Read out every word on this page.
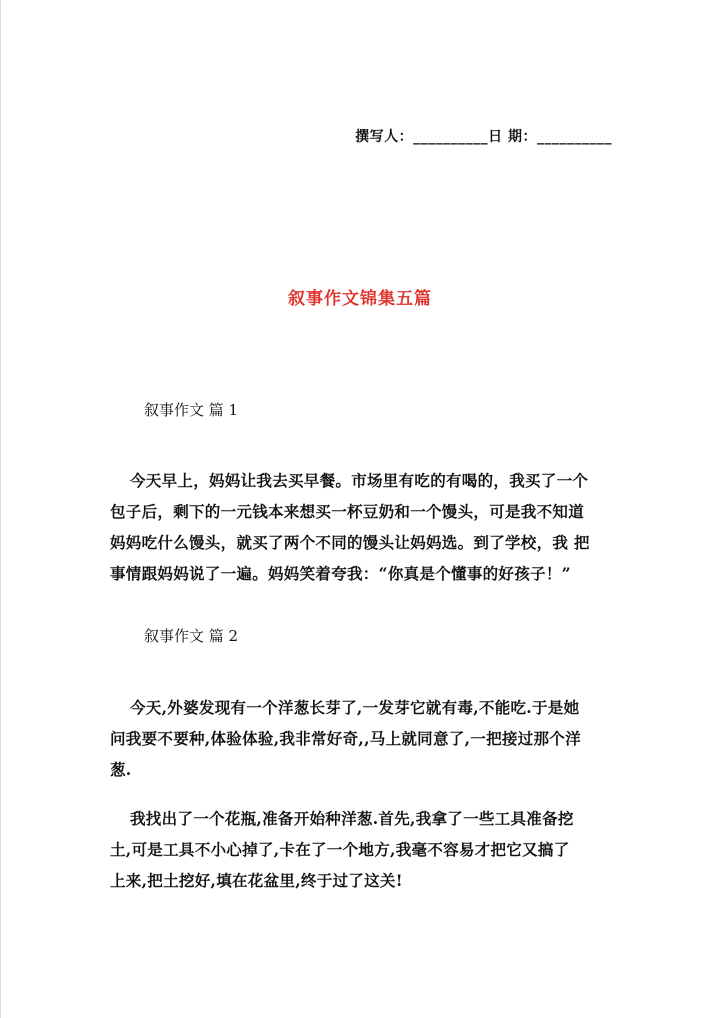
撰写人：__________日 期：__________
叙事作文锦集五篇
叙事作文 篇 1

今天早上，妈妈让我去买早餐。市场里有吃的有喝的，我买了一个
包子后，剩下的一元钱本来想买一杯豆奶和一个馒头，可是我不知道
妈妈吃什么馒头，就买了两个不同的馒头让妈妈选。到了学校，我 把
事情跟妈妈说了一遍。妈妈笑着夸我：“你真是个懂事的好孩子！”

叙事作文 篇 2

今天,外婆发现有一个洋葱长芽了,一发芽它就有毒,不能吃.于是她
问我要不要种,体验体验,我非常好奇,,马上就同意了,一把接过那个洋
葱.

我找出了一个花瓶,准备开始种洋葱.首先,我拿了一些工具准备挖
土,可是工具不小心掉了,卡在了一个地方,我毫不容易才把它又搞了
上来,把土挖好,填在花盆里,终于过了这关!
